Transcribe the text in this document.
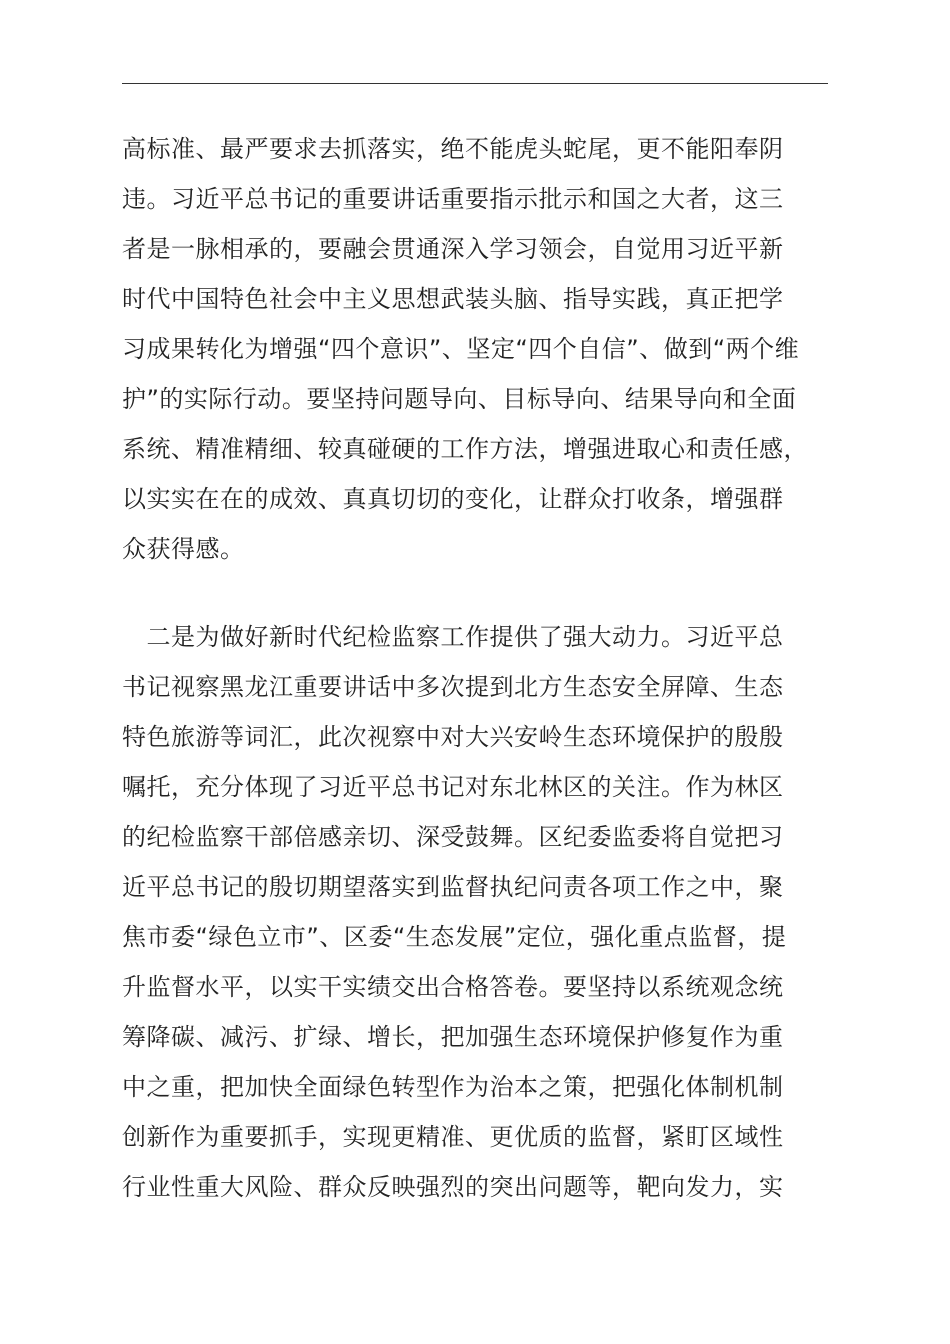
高标准、最严要求去抓落实，绝不能虎头蛇尾，更不能阳奉阴
违。习近平总书记的重要讲话重要指示批示和国之大者，这三
者是一脉相承的，要融会贯通深入学习领会，自觉用习近平新
时代中国特色社会中主义思想武装头脑、指导实践，真正把学
习成果转化为增强“四个意识”、坚定“四个自信”、做到“两个维
护”的实际行动。要坚持问题导向、目标导向、结果导向和全面
系统、精准精细、较真碰硬的工作方法，增强进取心和责任感，
以实实在在的成效、真真切切的变化，让群众打收条，增强群
众获得感。
　二是为做好新时代纪检监察工作提供了强大动力。习近平总
书记视察黑龙江重要讲话中多次提到北方生态安全屏障、生态
特色旅游等词汇，此次视察中对大兴安岭生态环境保护的殷殷
嘱托，充分体现了习近平总书记对东北林区的关注。作为林区
的纪检监察干部倍感亲切、深受鼓舞。区纪委监委将自觉把习
近平总书记的殷切期望落实到监督执纪问责各项工作之中，聚
焦市委“绿色立市”、区委“生态发展”定位，强化重点监督，提
升监督水平，以实干实绩交出合格答卷。要坚持以系统观念统
筹降碳、减污、扩绿、增长，把加强生态环境保护修复作为重
中之重，把加快全面绿色转型作为治本之策，把强化体制机制
创新作为重要抓手，实现更精准、更优质的监督，紧盯区域性
行业性重大风险、群众反映强烈的突出问题等，靶向发力，实
